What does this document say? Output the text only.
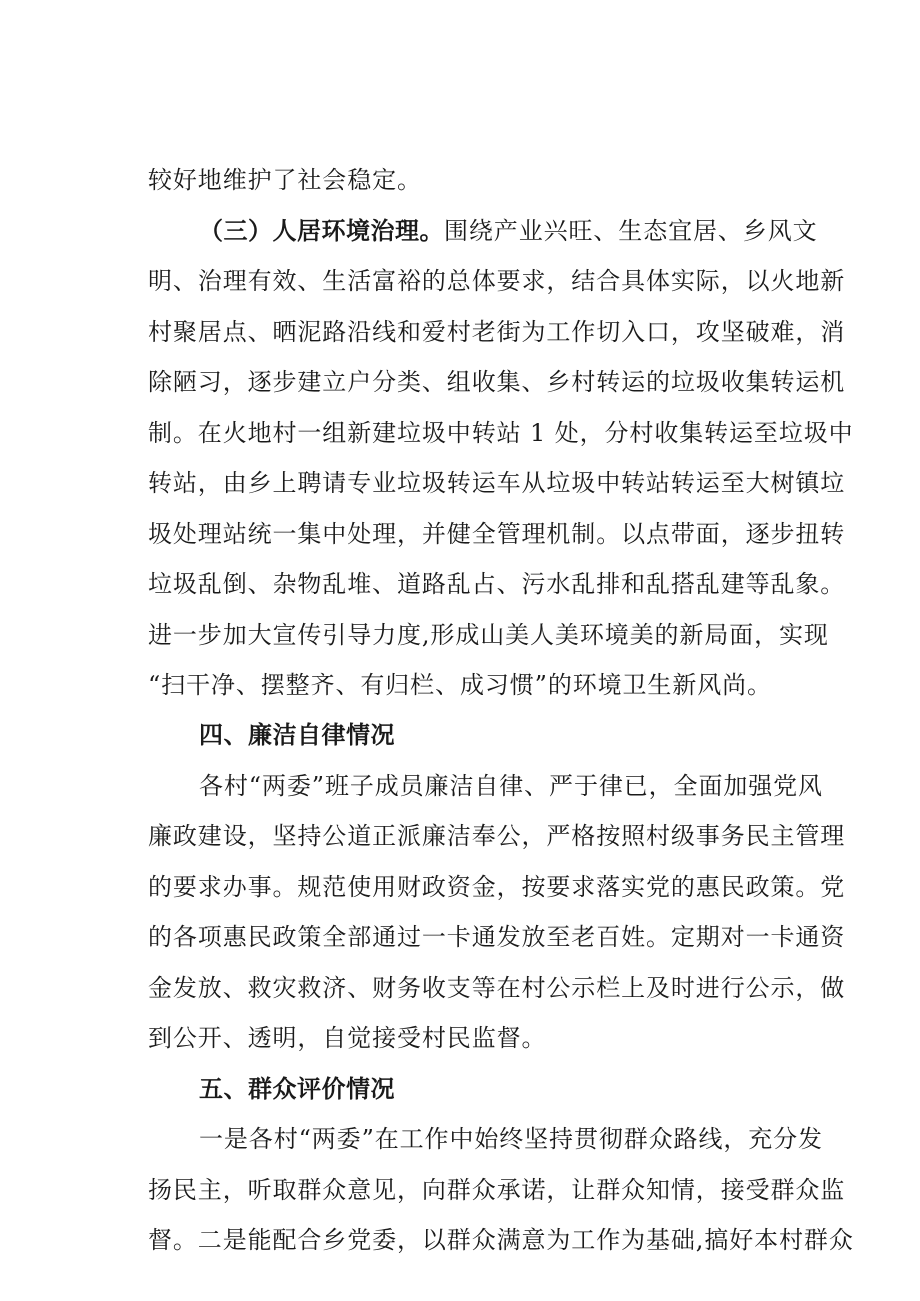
较好地维护了社会稳定。
（三）人居环境治理。围绕产业兴旺、生态宜居、乡风文
明、治理有效、生活富裕的总体要求，结合具体实际，以火地新
村聚居点、晒泥路沿线和爱村老街为工作切入口，攻坚破难，消
除陋习，逐步建立户分类、组收集、乡村转运的垃圾收集转运机
制。在火地村一组新建垃圾中转站 1 处，分村收集转运至垃圾中
转站，由乡上聘请专业垃圾转运车从垃圾中转站转运至大树镇垃
圾处理站统一集中处理，并健全管理机制。以点带面，逐步扭转
垃圾乱倒、杂物乱堆、道路乱占、污水乱排和乱搭乱建等乱象。
进一步加大宣传引导力度,形成山美人美环境美的新局面，实现
“扫干净、摆整齐、有归栏、成习惯”的环境卫生新风尚。
四、廉洁自律情况
各村“两委”班子成员廉洁自律、严于律已，全面加强党风
廉政建设，坚持公道正派廉洁奉公，严格按照村级事务民主管理
的要求办事。规范使用财政资金，按要求落实党的惠民政策。党
的各项惠民政策全部通过一卡通发放至老百姓。定期对一卡通资
金发放、救灾救济、财务收支等在村公示栏上及时进行公示，做
到公开、透明，自觉接受村民监督。
五、群众评价情况
一是各村“两委”在工作中始终坚持贯彻群众路线，充分发
扬民主，听取群众意见，向群众承诺，让群众知情，接受群众监
督。二是能配合乡党委，以群众满意为工作为基础,搞好本村群众
